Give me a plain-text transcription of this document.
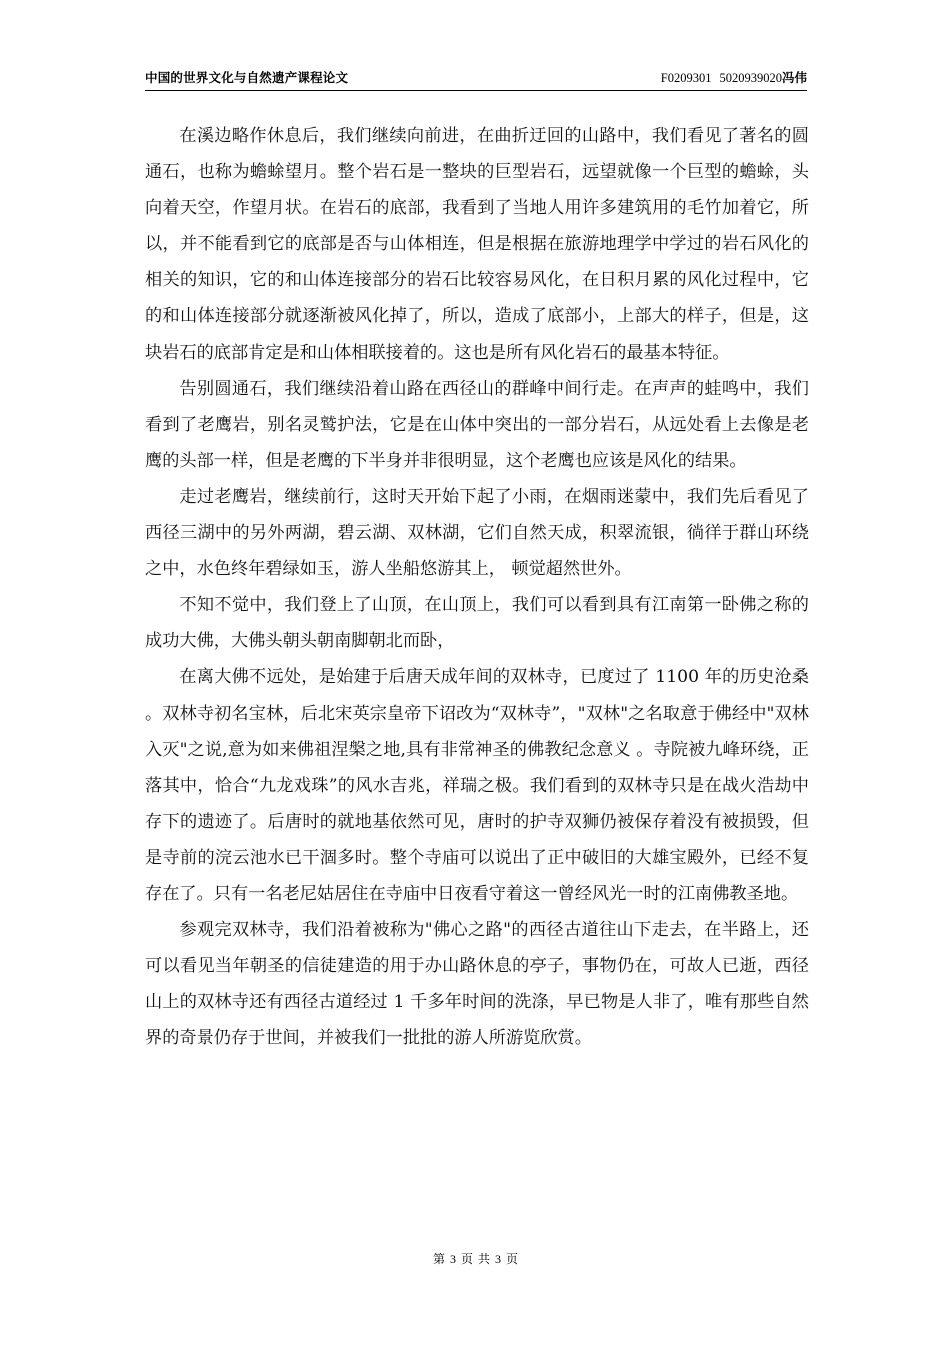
中国的世界文化与自然遗产课程论文	F0209301 5020939020冯伟

在溪边略作休息后，我们继续向前进，在曲折迂回的山路中，我们看见了著名的圆通石，也称为蟾蜍望月。整个岩石是一整块的巨型岩石，远望就像一个巨型的蟾蜍，头向着天空，作望月状。在岩石的底部，我看到了当地人用许多建筑用的毛竹加着它，所以，并不能看到它的底部是否与山体相连，但是根据在旅游地理学中学过的岩石风化的相关的知识，它的和山体连接部分的岩石比较容易风化，在日积月累的风化过程中，它的和山体连接部分就逐渐被风化掉了，所以，造成了底部小，上部大的样子，但是，这块岩石的底部肯定是和山体相联接着的。这也是所有风化岩石的最基本特征。

告别圆通石，我们继续沿着山路在西径山的群峰中间行走。在声声的蛙鸣中，我们看到了老鹰岩，别名灵鹫护法，它是在山体中突出的一部分岩石，从远处看上去像是老鹰的头部一样，但是老鹰的下半身并非很明显，这个老鹰也应该是风化的结果。

走过老鹰岩，继续前行，这时天开始下起了小雨，在烟雨迷蒙中，我们先后看见了西径三湖中的另外两湖，碧云湖、双林湖，它们自然天成，积翠流银，徜徉于群山环绕之中，水色终年碧绿如玉，游人坐船悠游其上， 顿觉超然世外。

不知不觉中，我们登上了山顶，在山顶上，我们可以看到具有江南第一卧佛之称的成功大佛，大佛头朝头朝南脚朝北而卧，

在离大佛不远处，是始建于后唐天成年间的双林寺，已度过了 1100 年的历史沧桑 。双林寺初名宝林，后北宋英宗皇帝下诏改为“双林寺”，"双林"之名取意于佛经中"双林入灭"之说,意为如来佛祖涅槃之地,具有非常神圣的佛教纪念意义 。寺院被九峰环绕，正落其中，恰合“九龙戏珠”的风水吉兆，祥瑞之极。我们看到的双林寺只是在战火浩劫中存下的遗迹了。后唐时的就地基依然可见，唐时的护寺双狮仍被保存着没有被损毁，但是寺前的浣云池水已干涸多时。整个寺庙可以说出了正中破旧的大雄宝殿外，已经不复存在了。只有一名老尼姑居住在寺庙中日夜看守着这一曾经风光一时的江南佛教圣地。

参观完双林寺，我们沿着被称为"佛心之路"的西径古道往山下走去，在半路上，还可以看见当年朝圣的信徒建造的用于办山路休息的亭子，事物仍在，可故人已逝，西径山上的双林寺还有西径古道经过 1 千多年时间的洗涤，早已物是人非了，唯有那些自然界的奇景仍存于世间，并被我们一批批的游人所游览欣赏。

第 3 页 共 3 页
